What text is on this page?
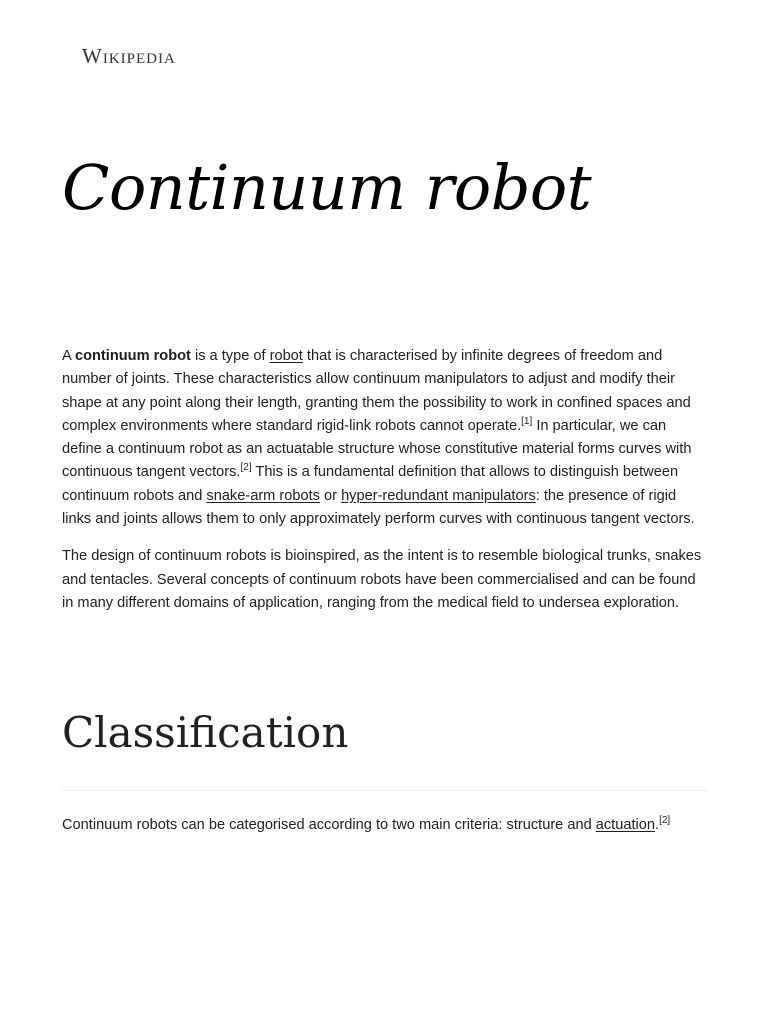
Wikipedia
Continuum robot

A continuum robot is a type of robot that is characterised by infinite degrees of freedom and number of joints. These characteristics allow continuum manipulators to adjust and modify their shape at any point along their length, granting them the possibility to work in confined spaces and complex environments where standard rigid-link robots cannot operate.[1] In particular, we can define a continuum robot as an actuatable structure whose constitutive material forms curves with continuous tangent vectors.[2] This is a fundamental definition that allows to distinguish between continuum robots and snake-arm robots or hyper-redundant manipulators: the presence of rigid links and joints allows them to only approximately perform curves with continuous tangent vectors.

The design of continuum robots is bioinspired, as the intent is to resemble biological trunks, snakes and tentacles. Several concepts of continuum robots have been commercialised and can be found in many different domains of application, ranging from the medical field to undersea exploration.

Classification

Continuum robots can be categorised according to two main criteria: structure and actuation.[2]
